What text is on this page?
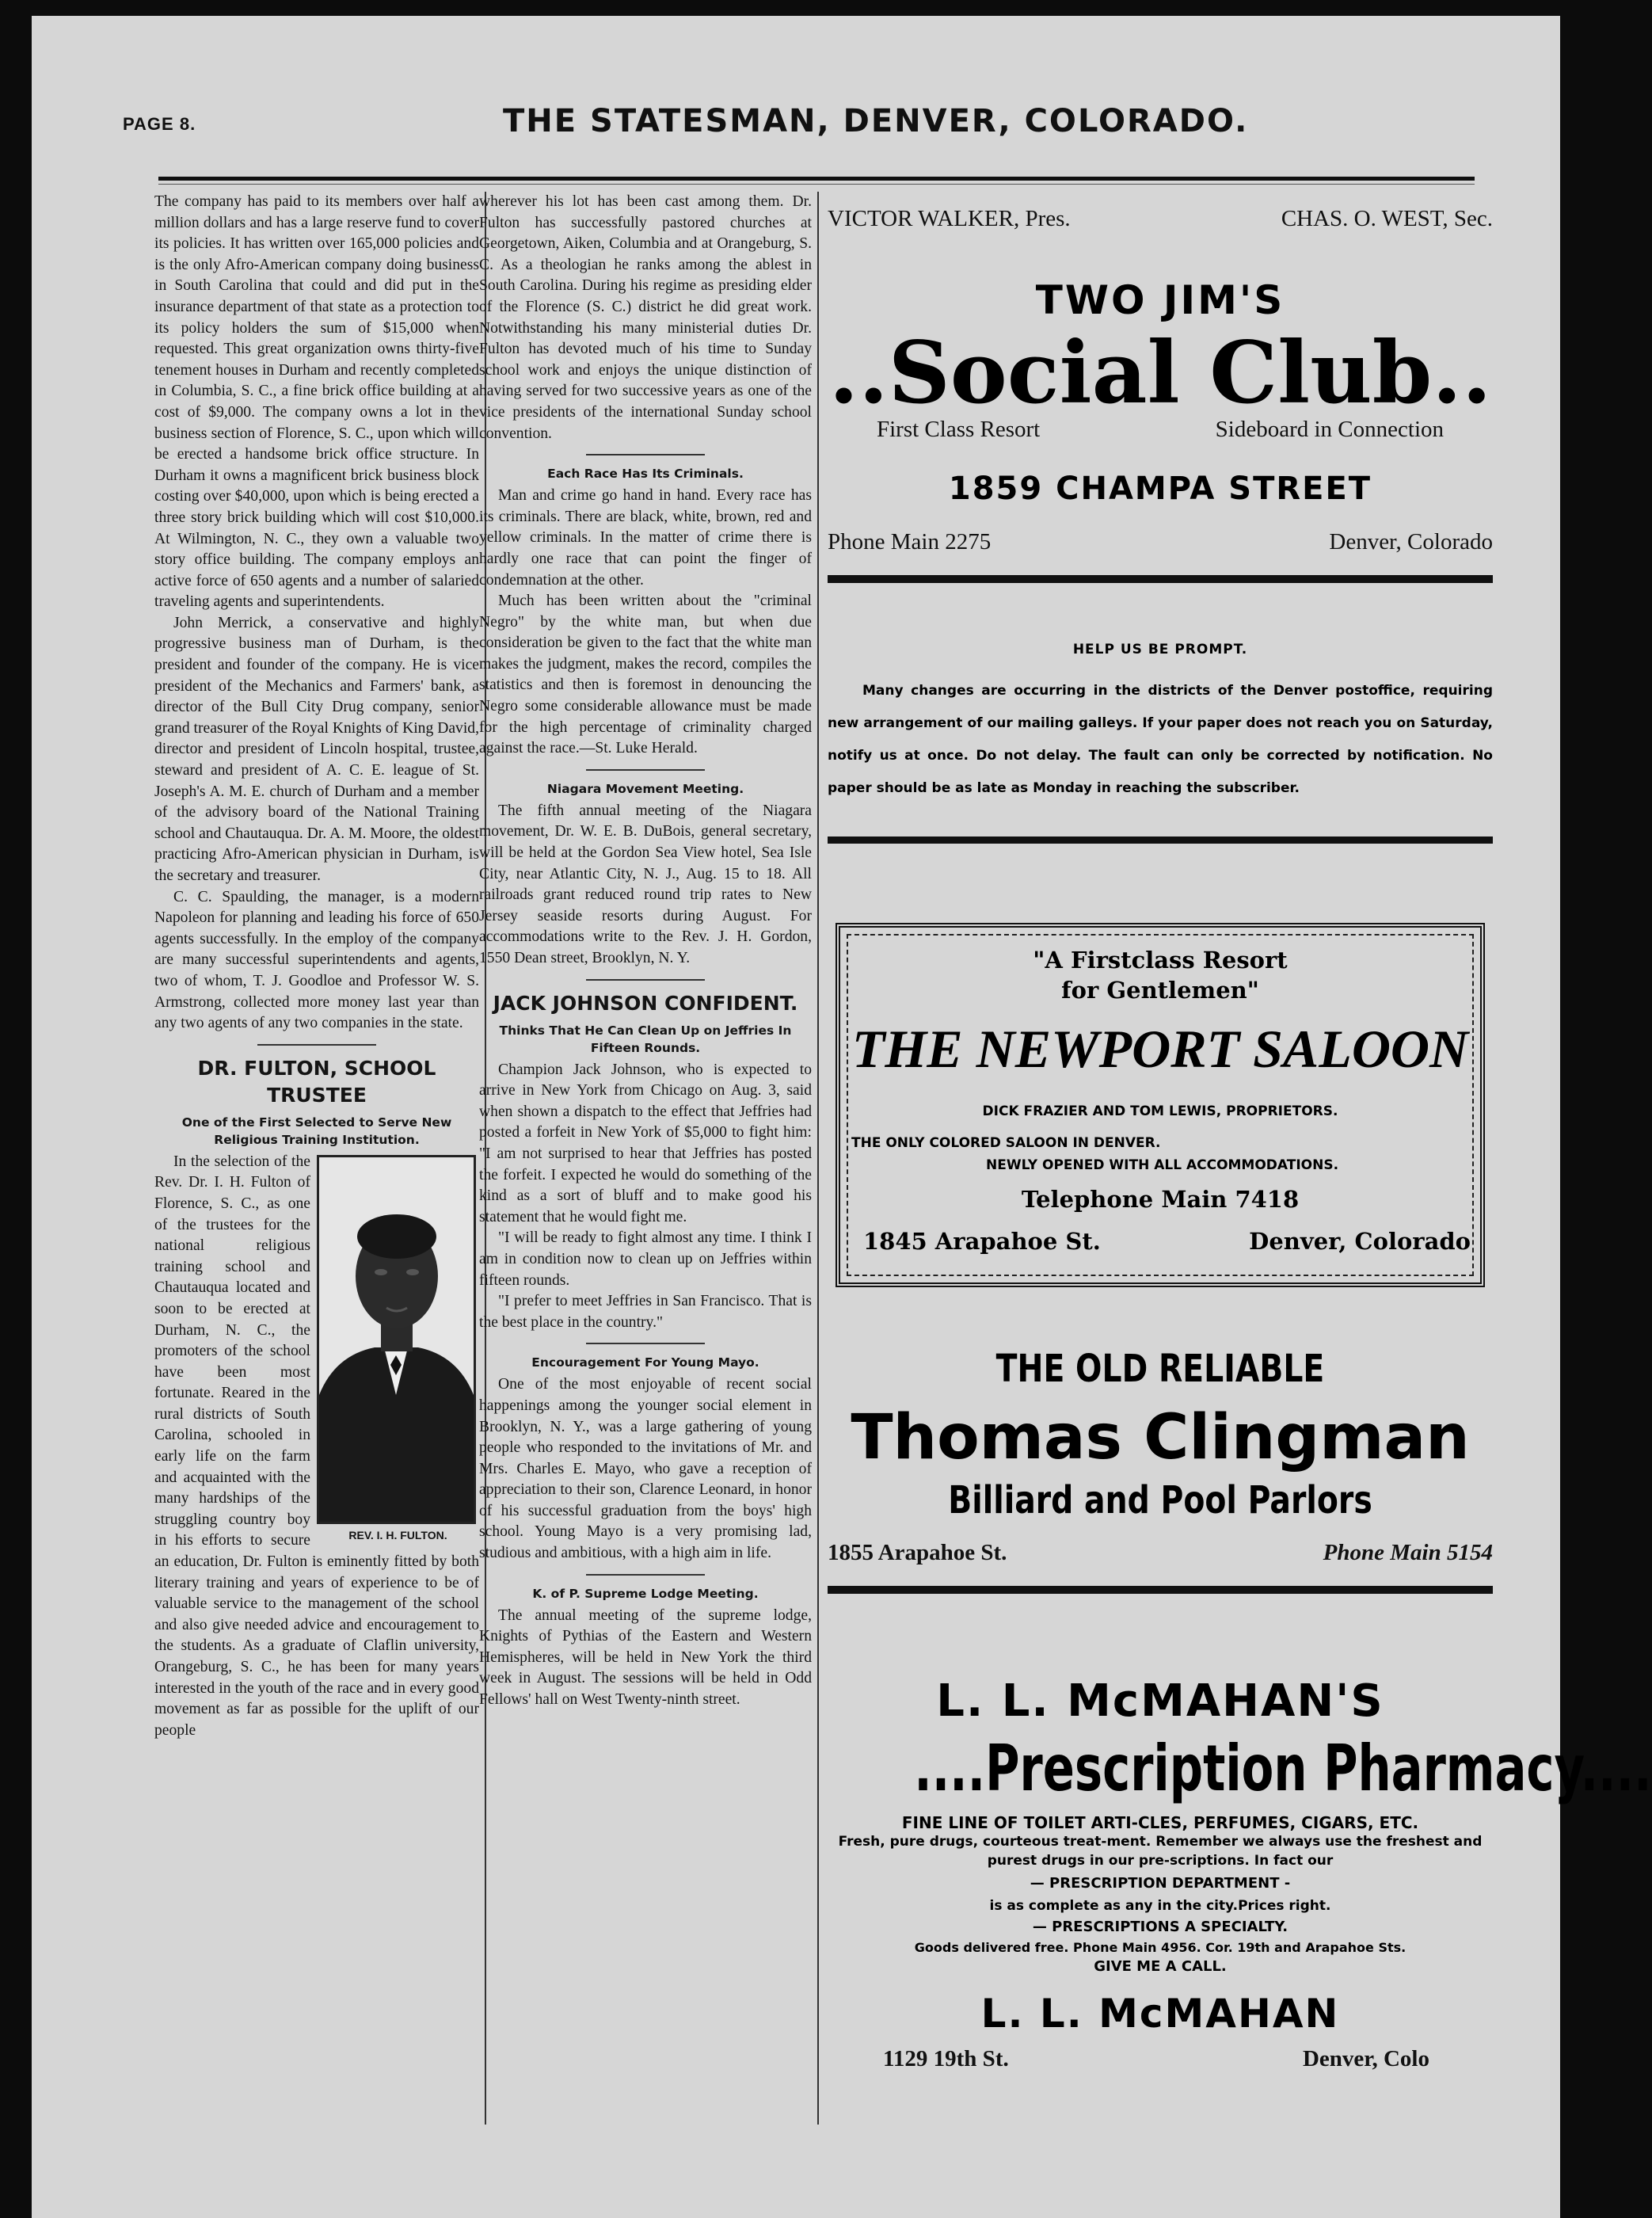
PAGE 8.	THE STATESMAN, DENVER, COLORADO.

The company has paid to its members over half a million dollars and has a large reserve fund to cover its policies. It has written over 165,000 policies and is the only Afro-American company doing business in South Carolina that could and did put in the insurance department of that state as a protection to its policy holders the sum of $15,000 when requested. This great organization owns thirty-five tenement houses in Durham and recently completed in Columbia, S. C., a fine brick office building at a cost of $9,000. The company owns a lot in the business section of Florence, S. C., upon which will be erected a handsome brick office structure. In Durham it owns a magnificent brick business block costing over $40,000, upon which is being erected a three story brick building which will cost $10,000. At Wilmington, N. C., they own a valuable two story office building. The company employs an active force of 650 agents and a number of salaried traveling agents and superintendents.

John Merrick, a conservative and highly progressive business man of Durham, is the president and founder of the company. He is vice president of the Mechanics and Farmers' bank, a director of the Bull City Drug company, senior grand treasurer of the Royal Knights of King David, director and president of Lincoln hospital, trustee, steward and president of A. C. E. league of St. Joseph's A. M. E. church of Durham and a member of the advisory board of the National Training school and Chautauqua. Dr. A. M. Moore, the oldest practicing Afro-American physician in Durham, is the secretary and treasurer.

C. C. Spaulding, the manager, is a modern Napoleon for planning and leading his force of 650 agents successfully. In the employ of the company are many successful superintendents and agents, two of whom, T. J. Goodloe and Professor W. S. Armstrong, collected more money last year than any two agents of any two companies in the state.

DR. FULTON, SCHOOL TRUSTEE
One of the First Selected to Serve New Religious Training Institution.
REV. I. H. FULTON.

In the selection of the Rev. Dr. I. H. Fulton of Florence, S. C., as one of the trustees for the national religious training school and Chautauqua located and soon to be erected at Durham, N. C., the promoters of the school have been most fortunate. Reared in the rural districts of South Carolina, schooled in early life on the farm and acquainted with the many hardships of the struggling country boy in his efforts to secure an education, Dr. Fulton is eminently fitted by both literary training and years of experience to be of valuable service to the management of the school and also give needed advice and encouragement to the students. As a graduate of Claflin university, Orangeburg, S. C., he has been for many years interested in the youth of the race and in every good movement as far as possible for the uplift of our people

wherever his lot has been cast among them. Dr. Fulton has successfully pastored churches at Georgetown, Aiken, Columbia and at Orangeburg, S. C. As a theologian he ranks among the ablest in South Carolina. During his regime as presiding elder of the Florence (S. C.) district he did great work. Notwithstanding his many ministerial duties Dr. Fulton has devoted much of his time to Sunday school work and enjoys the unique distinction of having served for two successive years as one of the vice presidents of the international Sunday school convention.

Each Race Has Its Criminals.

Man and crime go hand in hand. Every race has its criminals. There are black, white, brown, red and yellow criminals. In the matter of crime there is hardly one race that can point the finger of condemnation at the other.

Much has been written about the "criminal Negro" by the white man, but when due consideration be given to the fact that the white man makes the judgment, makes the record, compiles the statistics and then is foremost in denouncing the Negro some considerable allowance must be made for the high percentage of criminality charged against the race.—St. Luke Herald.

Niagara Movement Meeting.

The fifth annual meeting of the Niagara movement, Dr. W. E. B. DuBois, general secretary, will be held at the Gordon Sea View hotel, Sea Isle City, near Atlantic City, N. J., Aug. 15 to 18. All railroads grant reduced round trip rates to New Jersey seaside resorts during August. For accommodations write to the Rev. J. H. Gordon, 1550 Dean street, Brooklyn, N. Y.

JACK JOHNSON CONFIDENT.
Thinks That He Can Clean Up on Jeffries In Fifteen Rounds.

Champion Jack Johnson, who is expected to arrive in New York from Chicago on Aug. 3, said when shown a dispatch to the effect that Jeffries had posted a forfeit in New York of $5,000 to fight him: "I am not surprised to hear that Jeffries has posted the forfeit. I expected he would do something of the kind as a sort of bluff and to make good his statement that he would fight me.

"I will be ready to fight almost any time. I think I am in condition now to clean up on Jeffries within fifteen rounds.

"I prefer to meet Jeffries in San Francisco. That is the best place in the country."

Encouragement For Young Mayo.

One of the most enjoyable of recent social happenings among the younger social element in Brooklyn, N. Y., was a large gathering of young people who responded to the invitations of Mr. and Mrs. Charles E. Mayo, who gave a reception of appreciation to their son, Clarence Leonard, in honor of his successful graduation from the boys' high school. Young Mayo is a very promising lad, studious and ambitious, with a high aim in life.

K. of P. Supreme Lodge Meeting.

The annual meeting of the supreme lodge, Knights of Pythias of the Eastern and Western Hemispheres, will be held in New York the third week in August. The sessions will be held in Odd Fellows' hall on West Twenty-ninth street.

VICTOR WALKER, Pres.	CHAS. O. WEST, Sec.
TWO JIM'S
..Social Club..
First Class Resort	Sideboard in Connection
1859 CHAMPA STREET
Phone Main 2275	Denver, Colorado
HELP US BE PROMPT.
Many changes are occurring in the districts of the Denver postoffice, requiring new arrangement of our mailing galleys. If your paper does not reach you on Saturday, notify us at once. Do not delay. The fault can only be corrected by notification. No paper should be as late as Monday in reaching the subscriber.
"A Firstclass Resort
for Gentlemen"
THE NEWPORT SALOON
DICK FRAZIER AND TOM LEWIS, PROPRIETORS.
THE ONLY COLORED SALOON IN DENVER.
NEWLY OPENED WITH ALL ACCOMMODATIONS.
Telephone Main 7418
1845 Arapahoe St.	Denver, Colorado
THE OLD RELIABLE
Thomas Clingman
Billiard and Pool Parlors
1855 Arapahoe St.	Phone Main 5154
L. L. McMAHAN'S
....Prescription Pharmacy....
FINE LINE OF TOILET ARTI-CLES, PERFUMES, CIGARS, ETC.
Fresh, pure drugs, courteous treat-ment. Remember we always use the freshest and purest drugs in our pre-scriptions. In fact our
— PRESCRIPTION DEPARTMENT -
is as complete as any in the city.Prices right.
— PRESCRIPTIONS A SPECIALTY.
Goods delivered free. Phone Main 4956. Cor. 19th and Arapahoe Sts.
GIVE ME A CALL.
L. L. McMAHAN
1129 19th St.	Denver, Colo
